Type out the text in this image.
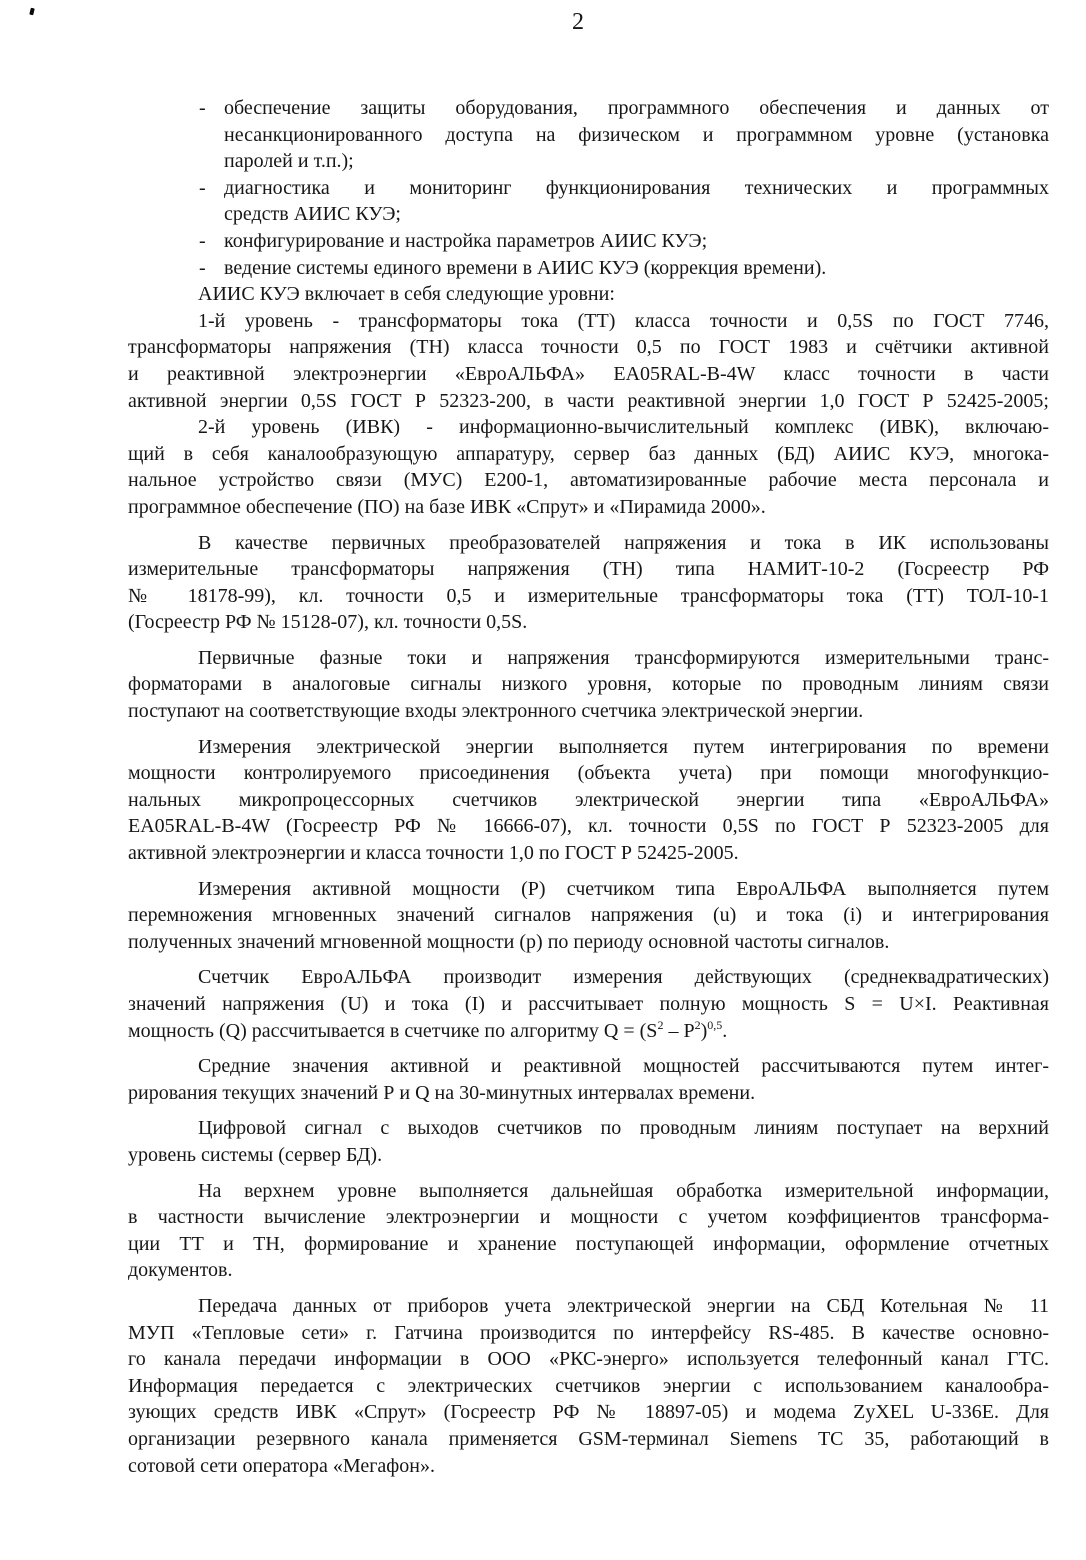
2
- обеспечение защиты оборудования, программного обеспечения и данных от
несанкционированного доступа на физическом и программном уровне (установка
паролей и т.п.);
- диагностика и мониторинг функционирования технических и программных
средств АИИС КУЭ;
- конфигурирование и настройка параметров АИИС КУЭ;
- ведение системы единого времени в АИИС КУЭ (коррекция времени).
АИИС КУЭ включает в себя следующие уровни:
1-й уровень - трансформаторы тока (ТТ) класса точности и 0,5S по ГОСТ 7746,
трансформаторы напряжения (ТН) класса точности 0,5 по ГОСТ 1983 и счётчики активной
и реактивной электроэнергии «ЕвроАЛЬФА» EA05RAL-B-4W класс точности в части
активной энергии 0,5S ГОСТ Р 52323-200, в части реактивной энергии 1,0 ГОСТ Р 52425-2005;
2-й уровень (ИВК) - информационно-вычислительный комплекс (ИВК), включаю-
щий в себя каналообразующую аппаратуру, сервер баз данных (БД) АИИС КУЭ, многока-
нальное устройство связи (МУС) Е200-1, автоматизированные рабочие места персонала и
программное обеспечение (ПО) на базе ИВК «Спрут» и «Пирамида 2000».
В качестве первичных преобразователей напряжения и тока в ИК использованы
измерительные трансформаторы напряжения (ТН) типа НАМИТ-10-2 (Госреестр РФ
№ 18178-99), кл. точности 0,5 и измерительные трансформаторы тока (ТТ) ТОЛ-10-1
(Госреестр РФ № 15128-07), кл. точности 0,5S.
Первичные фазные токи и напряжения трансформируются измерительными транс-
форматорами в аналоговые сигналы низкого уровня, которые по проводным линиям связи
поступают на соответствующие входы электронного счетчика электрической энергии.
Измерения электрической энергии выполняется путем интегрирования по времени
мощности контролируемого присоединения (объекта учета) при помощи многофункцио-
нальных микропроцессорных счетчиков электрической энергии типа «ЕвроАЛЬФА»
EA05RAL-B-4W (Госреестр РФ № 16666-07), кл. точности 0,5S по ГОСТ Р 52323-2005 для
активной электроэнергии и класса точности 1,0 по ГОСТ Р 52425-2005.
Измерения активной мощности (Р) счетчиком типа ЕвроАЛЬФА выполняется путем
перемножения мгновенных значений сигналов напряжения (u) и тока (i) и интегрирования
полученных значений мгновенной мощности (р) по периоду основной частоты сигналов.
Счетчик ЕвроАЛЬФА производит измерения действующих (среднеквадратических)
значений напряжения (U) и тока (I) и рассчитывает полную мощность S = U×I. Реактивная
мощность (Q) рассчитывается в счетчике по алгоритму $Q = (S^2 - P^2)^{0,5}$.
Средние значения активной и реактивной мощностей рассчитываются путем интег-
рирования текущих значений Р и Q на 30-минутных интервалах времени.
Цифровой сигнал с выходов счетчиков по проводным линиям поступает на верхний
уровень системы (сервер БД).
На верхнем уровне выполняется дальнейшая обработка измерительной информации,
в частности вычисление электроэнергии и мощности с учетом коэффициентов трансформа-
ции ТТ и ТН, формирование и хранение поступающей информации, оформление отчетных
документов.
Передача данных от приборов учета электрической энергии на СБД Котельная № 11
МУП «Тепловые сети» г. Гатчина производится по интерфейсу RS-485. В качестве основно-
го канала передачи информации в ООО «РКС-энерго» используется телефонный канал ГТС.
Информация передается с электрических счетчиков энергии с использованием каналообра-
зующих средств ИВК «Спрут» (Госреестр РФ № 18897-05) и модема ZyXEL U-336E. Для
организации резервного канала применяется GSM-терминал Siemens TC 35, работающий в
сотовой сети оператора «Мегафон».
